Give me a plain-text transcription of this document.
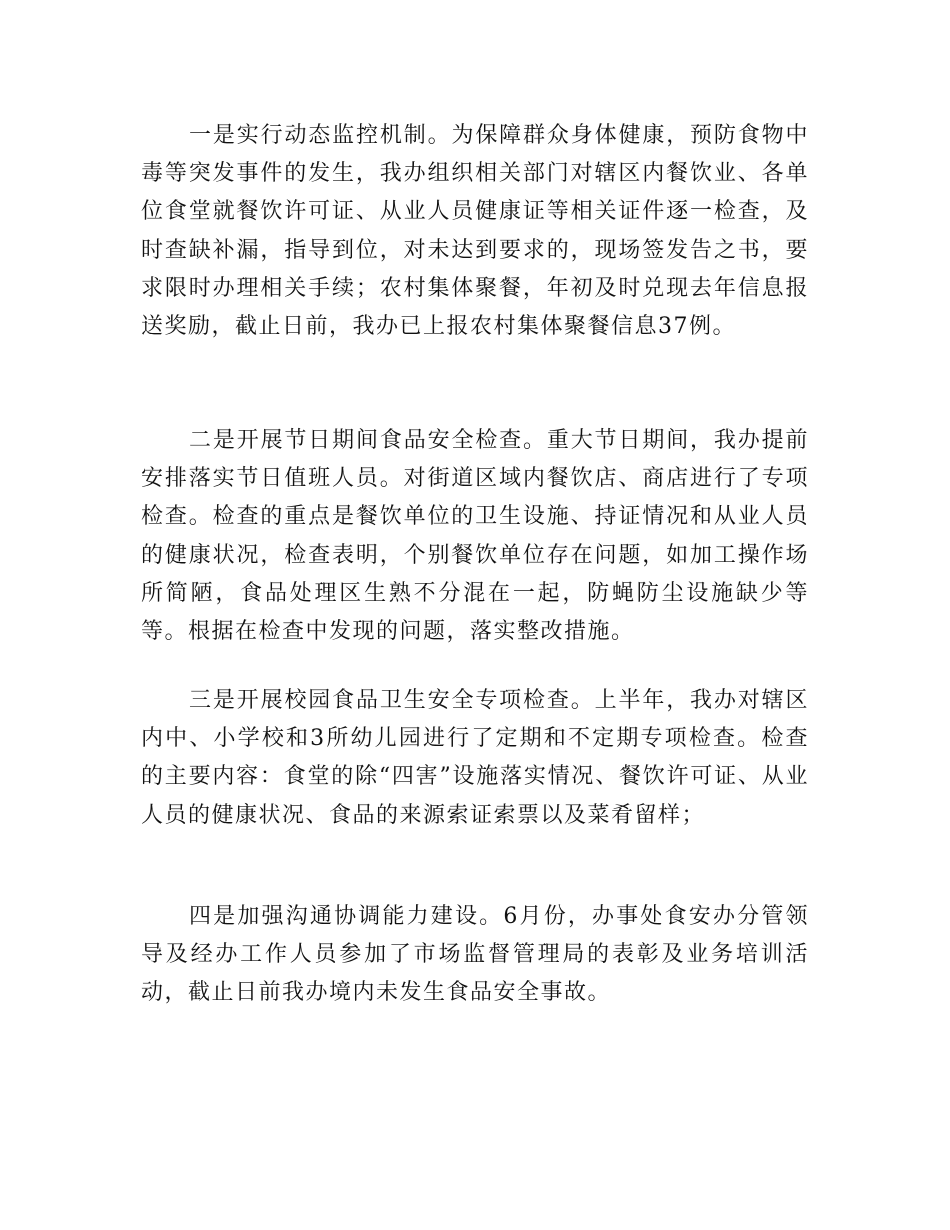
一是实行动态监控机制。为保障群众身体健康，预防食物中毒等突发事件的发生，我办组织相关部门对辖区内餐饮业、各单位食堂就餐饮许可证、从业人员健康证等相关证件逐一检查，及时查缺补漏，指导到位，对未达到要求的，现场签发告之书，要求限时办理相关手续；农村集体聚餐，年初及时兑现去年信息报送奖励，截止日前，我办已上报农村集体聚餐信息37例。

二是开展节日期间食品安全检查。重大节日期间，我办提前安排落实节日值班人员。对街道区域内餐饮店、商店进行了专项检查。检查的重点是餐饮单位的卫生设施、持证情况和从业人员的健康状况，检查表明，个别餐饮单位存在问题，如加工操作场所简陋，食品处理区生熟不分混在一起，防蝇防尘设施缺少等等。根据在检查中发现的问题，落实整改措施。

三是开展校园食品卫生安全专项检查。上半年，我办对辖区内中、小学校和3所幼儿园进行了定期和不定期专项检查。检查的主要内容：食堂的除“四害”设施落实情况、餐饮许可证、从业人员的健康状况、食品的来源索证索票以及菜肴留样；

四是加强沟通协调能力建设。6月份，办事处食安办分管领导及经办工作人员参加了市场监督管理局的表彰及业务培训活动，截止日前我办境内未发生食品安全事故。
